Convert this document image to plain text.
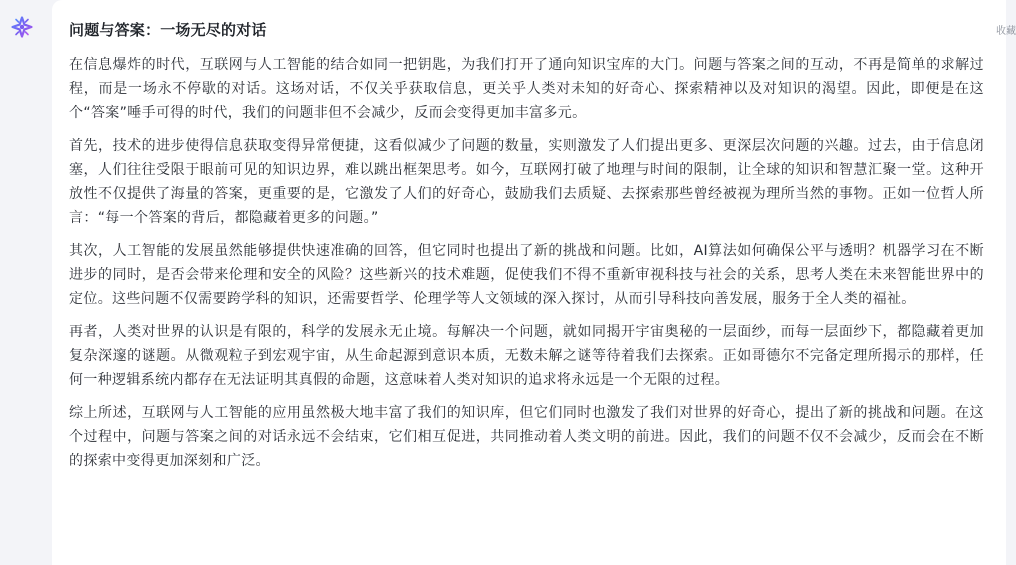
收藏
问题与答案：一场无尽的对话

在信息爆炸的时代，互联网与人工智能的结合如同一把钥匙，为我们打开了通向知识宝库的大门。问题与答案之间的互动，不再是简单的求解过程，而是一场永不停歇的对话。这场对话，不仅关乎获取信息，更关乎人类对未知的好奇心、探索精神以及对知识的渴望。因此，即便是在这个“答案”唾手可得的时代，我们的问题非但不会减少，反而会变得更加丰富多元。

首先，技术的进步使得信息获取变得异常便捷，这看似减少了问题的数量，实则激发了人们提出更多、更深层次问题的兴趣。过去，由于信息闭塞，人们往往受限于眼前可见的知识边界，难以跳出框架思考。如今，互联网打破了地理与时间的限制，让全球的知识和智慧汇聚一堂。这种开放性不仅提供了海量的答案，更重要的是，它激发了人们的好奇心，鼓励我们去质疑、去探索那些曾经被视为理所当然的事物。正如一位哲人所言：“每一个答案的背后，都隐藏着更多的问题。”

其次，人工智能的发展虽然能够提供快速准确的回答，但它同时也提出了新的挑战和问题。比如，AI算法如何确保公平与透明？机器学习在不断进步的同时，是否会带来伦理和安全的风险？这些新兴的技术难题，促使我们不得不重新审视科技与社会的关系，思考人类在未来智能世界中的定位。这些问题不仅需要跨学科的知识，还需要哲学、伦理学等人文领域的深入探讨，从而引导科技向善发展，服务于全人类的福祉。

再者，人类对世界的认识是有限的，科学的发展永无止境。每解决一个问题，就如同揭开宇宙奥秘的一层面纱，而每一层面纱下，都隐藏着更加复杂深邃的谜题。从微观粒子到宏观宇宙，从生命起源到意识本质，无数未解之谜等待着我们去探索。正如哥德尔不完备定理所揭示的那样，任何一种逻辑系统内都存在无法证明其真假的命题，这意味着人类对知识的追求将永远是一个无限的过程。

综上所述，互联网与人工智能的应用虽然极大地丰富了我们的知识库，但它们同时也激发了我们对世界的好奇心，提出了新的挑战和问题。在这个过程中，问题与答案之间的对话永远不会结束，它们相互促进，共同推动着人类文明的前进。因此，我们的问题不仅不会减少，反而会在不断的探索中变得更加深刻和广泛。
